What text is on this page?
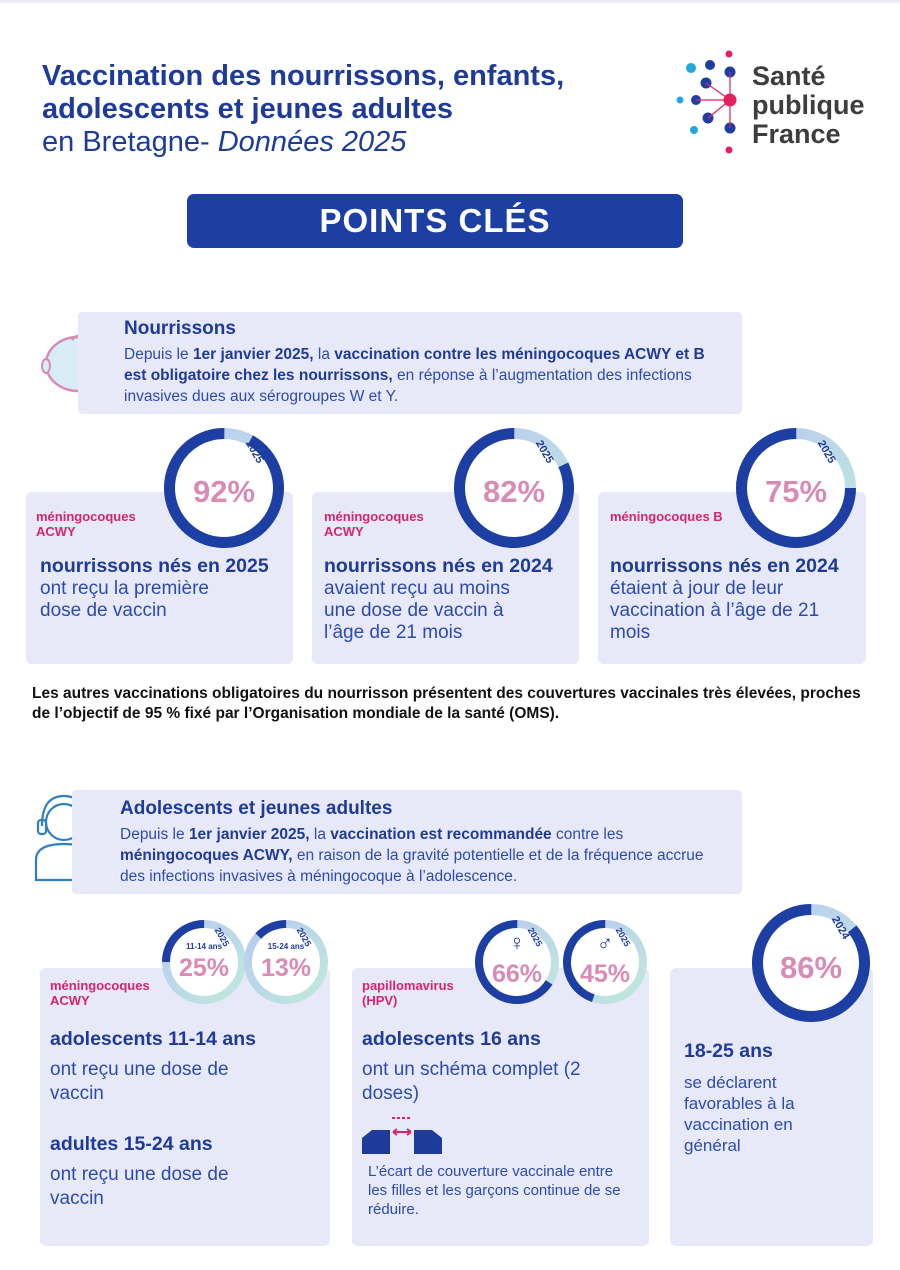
Vaccination des nourrissons, enfants, adolescents et jeunes adultes
en Bretagne- Données 2025
Santé
publique
France
POINTS CLÉS
Nourrissons

Depuis le 1er janvier 2025, la vaccination contre les méningocoques ACWY et B est obligatoire chez les nourrissons, en réponse à l’augmentation des infections invasives dues aux sérogroupes W et Y.

méningocoques ACWY
nourrissons nés en 2025
ont reçu la première dose de vaccin
méningocoques ACWY
nourrissons nés en 2024
avaient reçu au moins une dose de vaccin à l’âge de 21 mois
méningocoques B
nourrissons nés en 2024
étaient à jour de leur vaccination à l’âge de 21 mois
92%
2025
82%
2025
75%
2025
Les autres vaccinations obligatoires du nourrisson présentent des couvertures vaccinales très élevées, proches de l’objectif de 95 % fixé par l’Organisation mondiale de la santé (OMS).
Adolescents et jeunes adultes

Depuis le 1er janvier 2025, la vaccination est recommandée contre les méningocoques ACWY, en raison de la gravité potentielle et de la fréquence accrue des infections invasives à méningocoque à l’adolescence.

méningocoques ACWY
adolescents 11-14 ans
ont reçu une dose de vaccin
adultes 15-24 ans
ont reçu une dose de vaccin
11-14 ans
25%
2025	15-24 ans
13%
2025
papillomavirus (HPV)
adolescents 16 ans
ont un schéma complet (2 doses)
L’écart de couverture vaccinale entre les filles et les garçons continue de se réduire.
♀
66%
2025	♂
45%
2025
18-25 ans
se déclarent favorables à la vaccination en général
86%
2024
